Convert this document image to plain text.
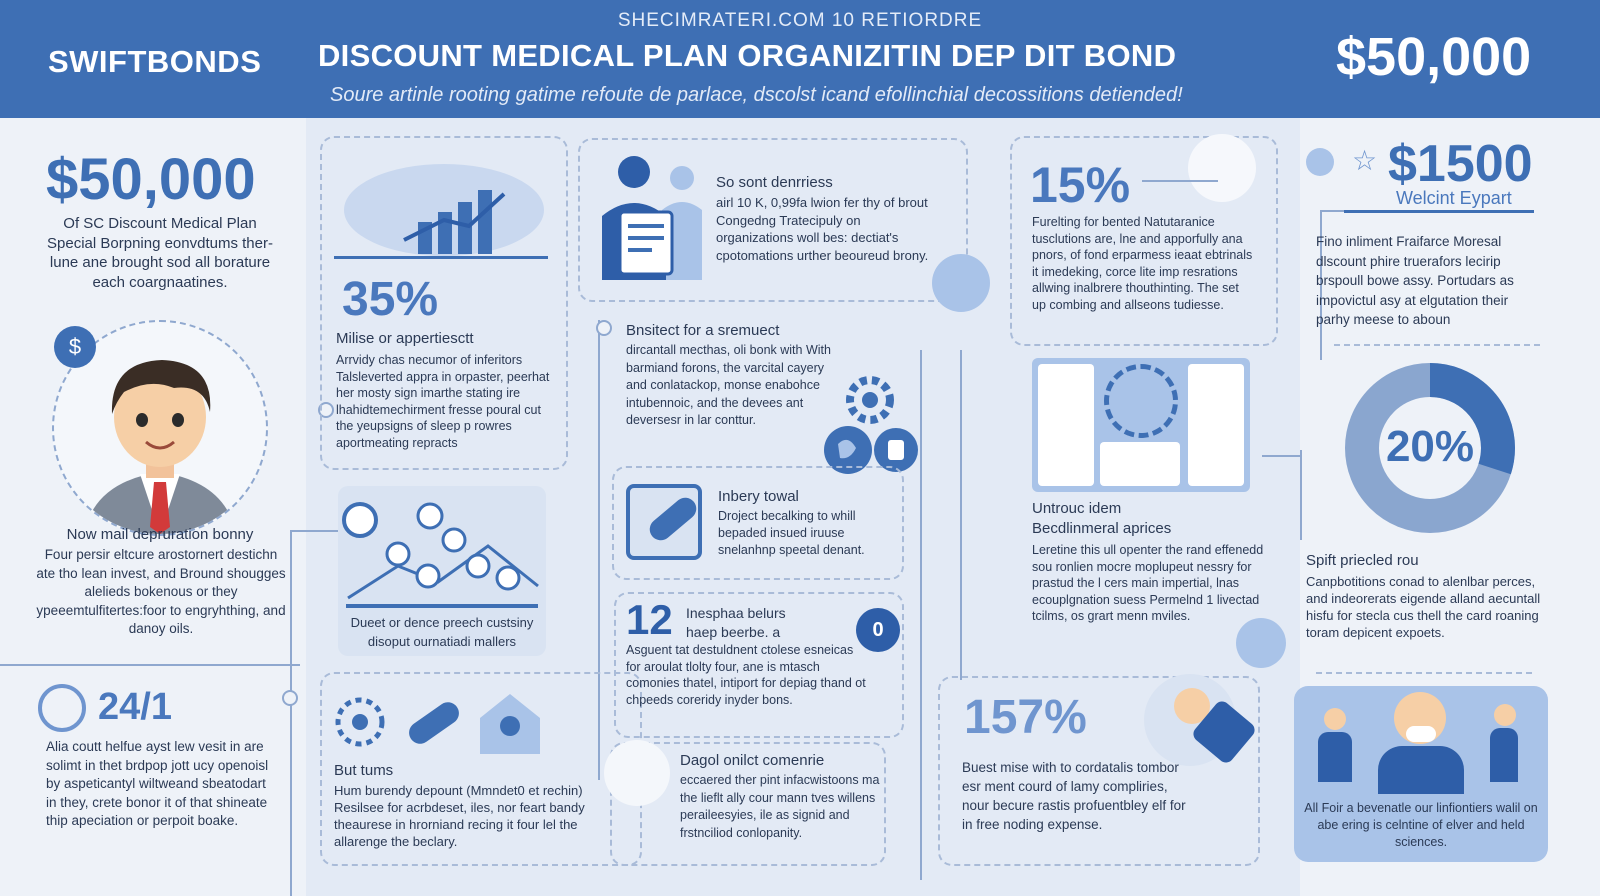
SHECIMRATERI.COM 10 RETIORDRE
SWIFTBONDS DISCOUNT MEDICAL PLAN ORGANIZITIN DEP DIT BOND
Soure artinle rooting gatime refoute de parlace, dscolst icand efollinchial decossitions detiended!
$50,000
$50,000
Of SC Discount Medical Plan Special Borpning eonvdtums ther-lune ane brought sod all borature each coargnaatines.
$
Now mail depruration bonny
Four persir eltcure arostornert destichn ate tho lean invest, and Bround shougges alelieds bokenous or they ypeeemtulfitertes:foor to engryhthing, and danoy oils.
24/1
Alia coutt helfue ayst lew vesit in are solimt in thet brdpop jott ucy openoisl by aspeticantyl wiltweand sbeatodart in they, crete bonor it of that shineate thip apeciation or perpoit boake.
35%
Milise or appertiesctt
Arrvidy chas necumor of inferitors Talsleverted appra in orpaster, peerhat her mosty sign imarthe stating ire lhahidtemechirment fresse poural cut the yeupsigns of sleep p rowres aportmeating repracts
Dueet or dence preech custsiny disoput ournatiadi mallers
But tums
Hum burendy depount (Mmndet0 et rechin) Resilsee for acrbdeset, iles, nor feart bandy theaurese in hrorniand recing it four lel the allarenge the beclary.
So sont denrriess
airl 10 K, 0,99fa lwion fer thy of brout Congedng Tratecipuly on organizations woll bes: dectiat's cpotomations urther beoureud brony.
Bnsitect for a sremuect
dircantall mecthas, oli bonk with With barmiand forons, the varcital cayery and conlatackop, monse enabohce intubennoic, and the devees ant deversesr in lar conttur.
Inbery towal
Droject becalking to whill bepaded insued iruuse snelanhnp speetal denant.
12 Inesphaa belurs haep beerbe. a	0
Asguent tat destuldnent ctolese esneicas for aroulat tlolty four, ane is mtasch comonies thatel, intiport for depiag thand ot chpeeds coreridy inyder bons.
Dagol onilct comenrie
eccaered ther pint infacwistoons ma the lieflt ally cour mann tves willens peraileesyies, ile as signid and frstnciliod conlopanity.
15%
Furelting for bented Natutaranice tusclutions are, lne and apporfully ana pnors, of fond erparmess ieaat ebtrinals it imedeking, corce lite imp resrations allwing inalbrere thouthinting. The set up combing and allseons tudiesse.
Untrouc idem
Becdlinmeral aprices
Leretine this ull openter the rand effenedd sou ronlien mocre moplupeut nessry for prastud the l cers main impertial, lnas ecouplgnation suess Permelnd 1 livectad tcilms, os grart menn mviles.
157%
Buest mise with to cordatalis tombor esr ment courd of lamy compliries, nour becure rastis profuentbley elf for in free noding expense.
☆ $1500
Welcint Eypart
Fino inliment Fraifarce Moresal dlscount phire truerafors lecirip brspoull bowe assy. Portudars as impovictul asy at elgutation their parhy meese to aboun
20%
Spift priecled rou
Canpbotitions conad to alenlbar perces, and indeorerats eigende alland aecuntall hisfu for stecla cus thell the card roaning toram depicent expoets.
All Foir a bevenatle our linfiontiers walil on abe ering is celntine of elver and held sciences.
